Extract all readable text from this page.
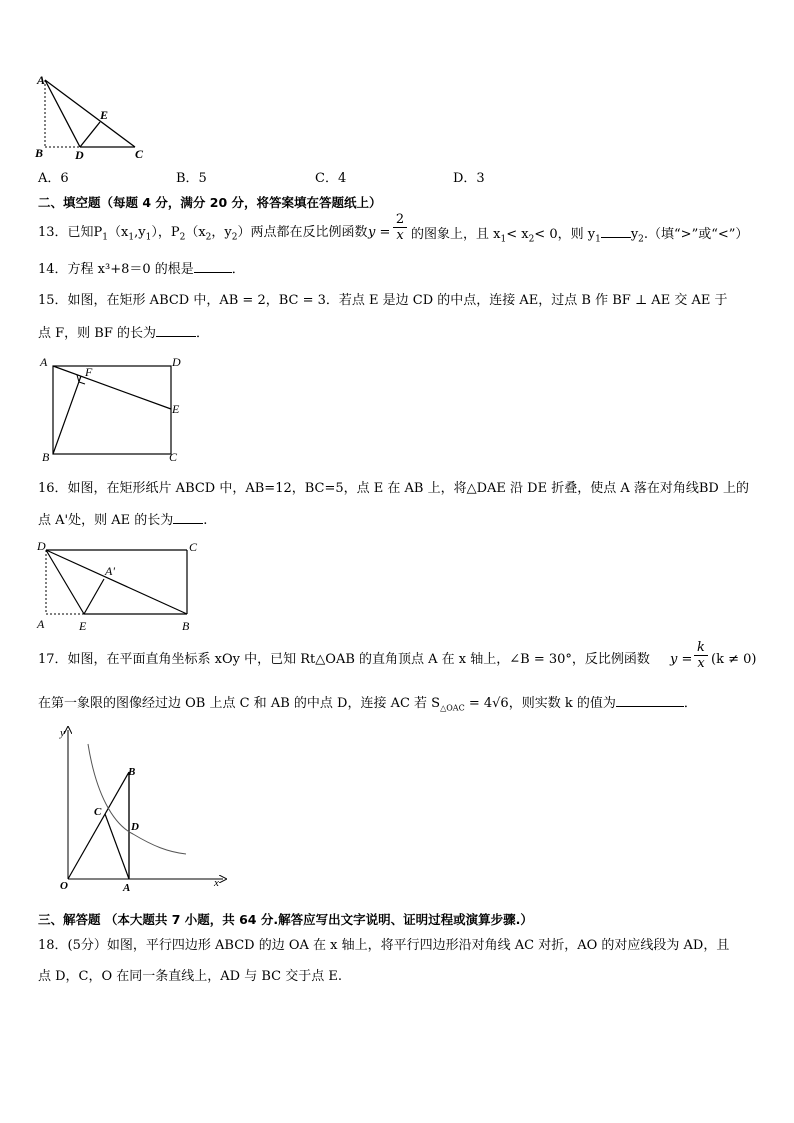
A
B	D
E
C
A．6	B．5	C．4	D．3
二、填空题（每题 4 分，满分 20 分，将答案填在答题纸上）
13．已知$P_1(x_1,y_1)$，$P_2(x_2$，$y_2$）两点都在反比例函数 y =
2
x 的图象上，且 $x_1< x_2< 0$，则 $y_1$ $y_2$.（填“>”或“<”）
14．方程 x³+8＝0 的根是	．
15．如图，在矩形 ABCD 中，AB = 2，BC = 3．若点 E 是边 CD 的中点，连接 AE，过点 B 作 BF ⊥ AE 交 AE 于
点 F，则 BF 的长为	．
A	D
F
E
B	C
16．如图，在矩形纸片 ABCD 中，AB=12，BC=5，点 E 在 AB 上，将△DAE 沿 DE 折叠，使点 A 落在对角线BD 上的
点 A'处，则 AE 的长为 .
D	C
A'
A	E	B
17．如图，在平面直角坐标系 xOy 中，已知 Rt△OAB 的直角顶点 A 在 x 轴上，∠B = 30°，反比例函数 y =
k
x (k ≠ 0)
在第一象限的图像经过边 OB 上点 C 和 AB 的中点 D，连接 AC 若 $S_{\triangle OAC} = 4√6$，则实数 k 的值为	．
y
x
O	A
B
C
D
三、解答题 （本大题共 7 小题，共 64 分.解答应写出文字说明、证明过程或演算步骤.）
18．(5分）如图，平行四边形 ABCD 的边 OA 在 x 轴上，将平行四边形沿对角线 AC 对折，AO 的对应线段为 AD，且
点 D，C，O 在同一条直线上，AD 与 BC 交于点 E.
